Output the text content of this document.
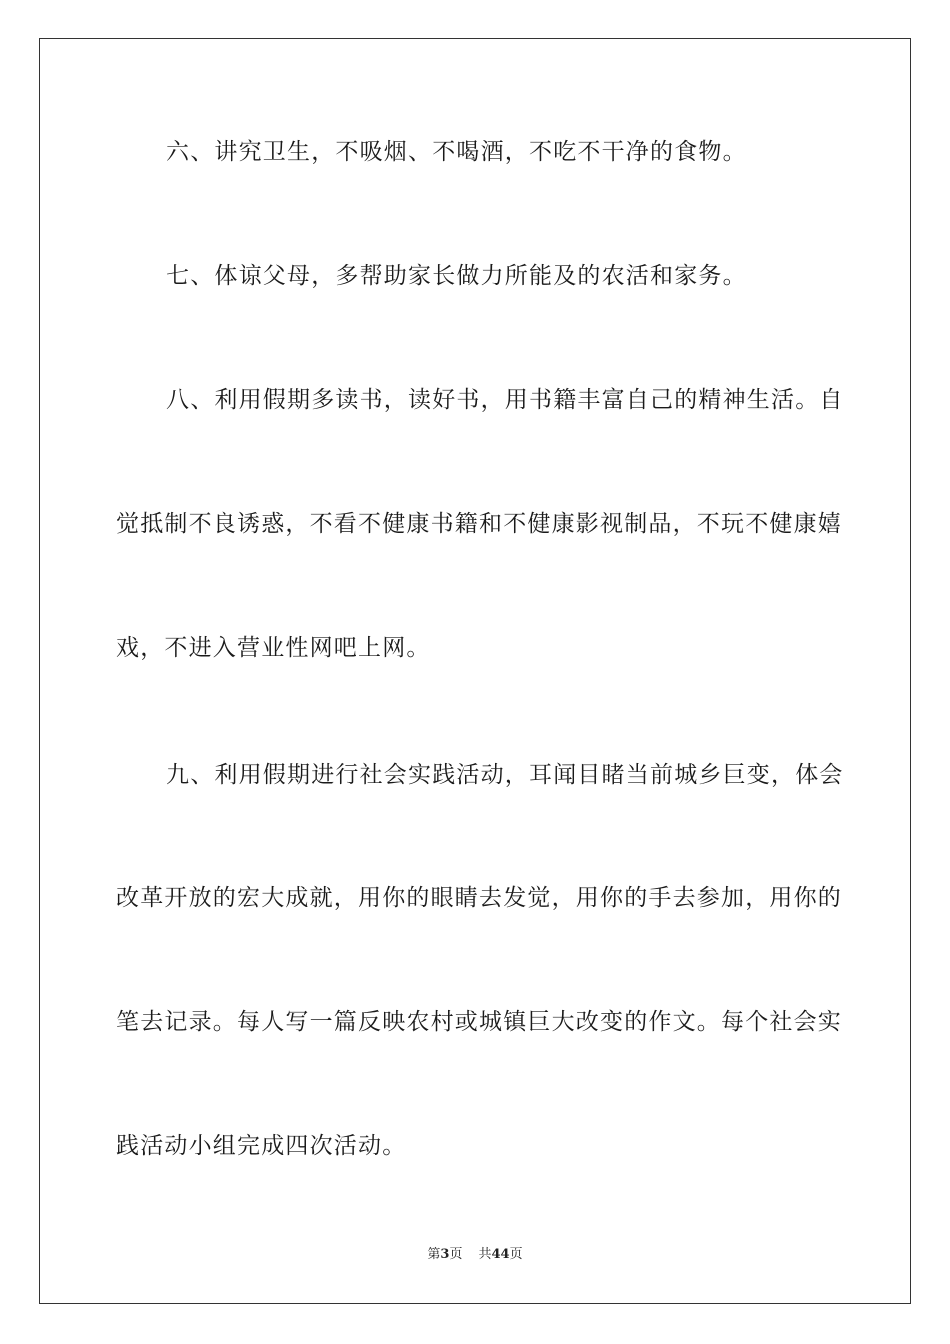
六、讲究卫生，不吸烟、不喝酒，不吃不干净的食物。
七、体谅父母，多帮助家长做力所能及的农活和家务。
八、利用假期多读书，读好书，用书籍丰富自己的精神生活。自
觉抵制不良诱惑，不看不健康书籍和不健康影视制品，不玩不健康嬉
戏，不进入营业性网吧上网。
九、利用假期进行社会实践活动，耳闻目睹当前城乡巨变，体会
改革开放的宏大成就，用你的眼睛去发觉，用你的手去参加，用你的
笔去记录。每人写一篇反映农村或城镇巨大改变的作文。每个社会实
践活动小组完成四次活动。
第3页 共44页
